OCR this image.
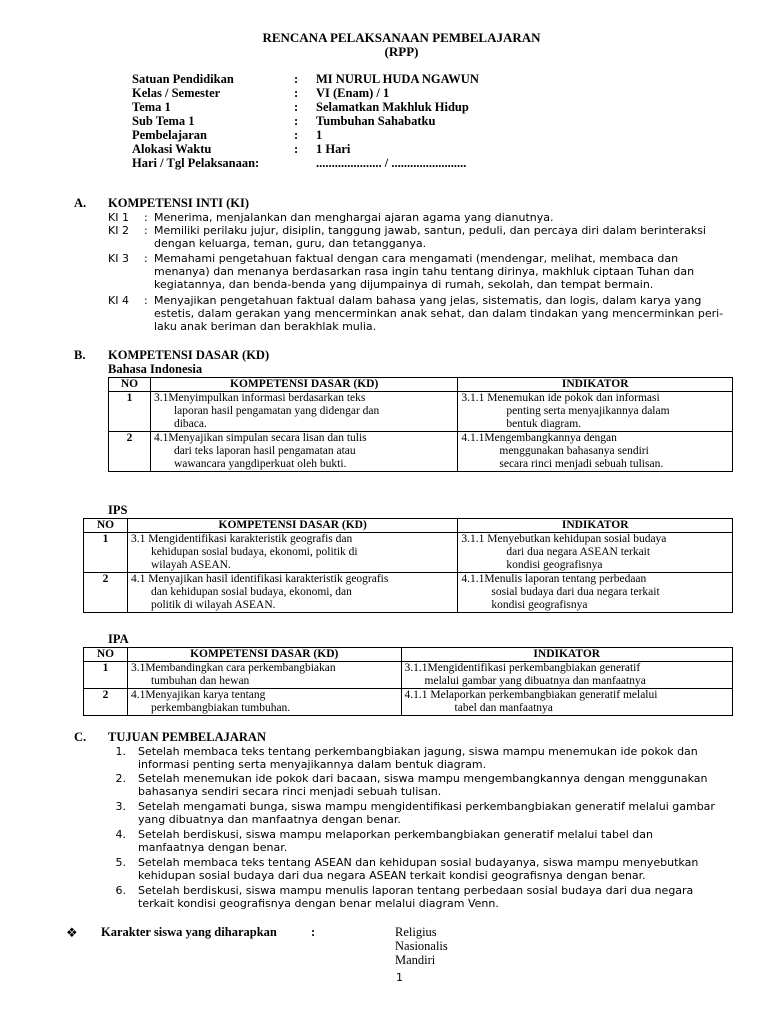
RENCANA PELAKSANAAN PEMBELAJARAN
(RPP)
Satuan Pendidikan	: MI NURUL HUDA NGAWUN
Kelas / Semester	: VI (Enam) / 1
Tema 1	: Selamatkan Makhluk Hidup
Sub Tema 1	: Tumbuhan Sahabatku
Pembelajaran	: 1
Alokasi Waktu	: 1 Hari
Hari / Tgl Pelaksanaan:	..................... / ........................
A. KOMPETENSI INTI (KI)
KI 1	: Menerima, menjalankan dan menghargai ajaran agama yang dianutnya.
KI 2	: Memiliki perilaku jujur, disiplin, tanggung jawab, santun, peduli, dan percaya diri dalam berinteraksi
dengan keluarga, teman, guru, dan tetangganya.
KI 3	: Memahami pengetahuan faktual dengan cara mengamati (mendengar, melihat, membaca dan
menanya) dan menanya berdasarkan rasa ingin tahu tentang dirinya, makhluk ciptaan Tuhan dan
kegiatannya, dan benda-benda yang dijumpainya di rumah, sekolah, dan tempat bermain.
KI 4	: Menyajikan pengetahuan faktual dalam bahasa yang jelas, sistematis, dan logis, dalam karya yang
estetis, dalam gerakan yang mencerminkan anak sehat, dan dalam tindakan yang mencerminkan peri-
laku anak beriman dan berakhlak mulia.
B. KOMPETENSI DASAR (KD)
Bahasa Indonesia
NO	KOMPETENSI DASAR (KD)	INDIKATOR
1	3.1Menyimpulkan informasi berdasarkan teks
laporan hasil pengamatan yang didengar dan
dibaca.	3.1.1 Menemukan ide pokok dan informasi
penting serta menyajikannya dalam
bentuk diagram.

2	4.1Menyajikan simpulan secara lisan dan tulis
dari teks laporan hasil pengamatan atau
wawancara yangdiperkuat oleh bukti.	4.1.1Mengembangkannya dengan
menggunakan bahasanya sendiri
secara rinci menjadi sebuah tulisan.
IPS
NO	KOMPETENSI DASAR (KD)	INDIKATOR
1	3.1 Mengidentifikasi karakteristik geografis dan
kehidupan sosial budaya, ekonomi, politik di
wilayah ASEAN.	3.1.1 Menyebutkan kehidupan sosial budaya
dari dua negara ASEAN terkait
kondisi geografisnya

2	4.1 Menyajikan hasil identifikasi karakteristik geografis
dan kehidupan sosial budaya, ekonomi, dan
politik di wilayah ASEAN.	4.1.1Menulis laporan tentang perbedaan
sosial budaya dari dua negara terkait
kondisi geografisnya
IPA
NO	KOMPETENSI DASAR (KD)	INDIKATOR
1	3.1Membandingkan cara perkembangbiakan
tumbuhan dan hewan	3.1.1Mengidentifikasi perkembangbiakan generatif
melalui gambar yang dibuatnya dan manfaatnya

2	4.1Menyajikan karya tentang
perkembangbiakan tumbuhan.	4.1.1 Melaporkan perkembangbiakan generatif melalui
tabel dan manfaatnya
C. TUJUAN PEMBELAJARAN
1. Setelah membaca teks tentang perkembangbiakan jagung, siswa mampu menemukan ide pokok dan
informasi penting serta menyajikannya dalam bentuk diagram.
2. Setelah menemukan ide pokok dari bacaan, siswa mampu mengembangkannya dengan menggunakan
bahasanya sendiri secara rinci menjadi sebuah tulisan.
3. Setelah mengamati bunga, siswa mampu mengidentifikasi perkembangbiakan generatif melalui gambar
yang dibuatnya dan manfaatnya dengan benar.
4. Setelah berdiskusi, siswa mampu melaporkan perkembangbiakan generatif melalui tabel dan
manfaatnya dengan benar.
5. Setelah membaca teks tentang ASEAN dan kehidupan sosial budayanya, siswa mampu menyebutkan
kehidupan sosial budaya dari dua negara ASEAN terkait kondisi geografisnya dengan benar.
6. Setelah berdiskusi, siswa mampu menulis laporan tentang perbedaan sosial budaya dari dua negara
terkait kondisi geografisnya dengan benar melalui diagram Venn.
❖ Karakter siswa yang diharapkan	:	Religius
Nasionalis
Mandiri
1
